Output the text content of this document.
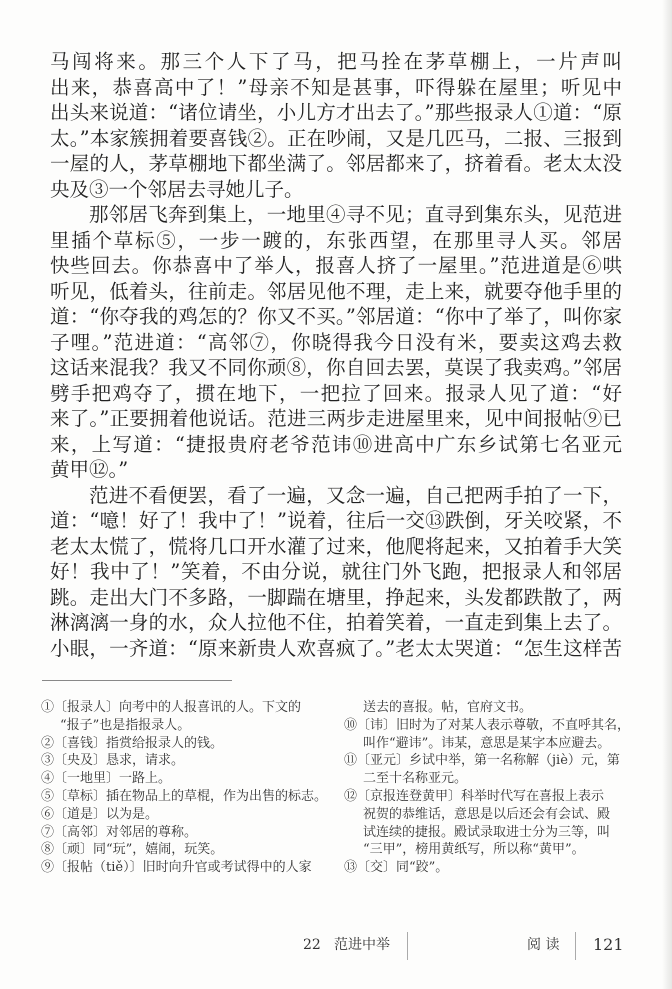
马闯将来。那三个人下了马，把马拴在茅草棚上，一片声叫
出来，恭喜高中了！”母亲不知是甚事，吓得躲在屋里；听见中
出头来说道：“诸位请坐，小儿方才出去了。”那些报录人①道：“原
太。”本家簇拥着要喜钱②。正在吵闹，又是几匹马，二报、三报到
一屋的人，茅草棚地下都坐满了。邻居都来了，挤着看。老太太没
央及③一个邻居去寻她儿子。
那邻居飞奔到集上，一地里④寻不见；直寻到集东头，见范进
里插个草标⑤，一步一踱的，东张西望，在那里寻人买。邻居
快些回去。你恭喜中了举人，报喜人挤了一屋里。”范进道是⑥哄
听见，低着头，往前走。邻居见他不理，走上来，就要夺他手里的
道：“你夺我的鸡怎的？你又不买。”邻居道：“你中了举了，叫你家
子哩。”范进道：“高邻⑦，你晓得我今日没有米，要卖这鸡去救
这话来混我？我又不同你顽⑧，你自回去罢，莫误了我卖鸡。”邻居
劈手把鸡夺了，掼在地下，一把拉了回来。报录人见了道：“好
来了。”正要拥着他说话。范进三两步走进屋里来，见中间报帖⑨已
来，上写道：“捷报贵府老爷范讳⑩进高中广东乡试第七名亚元
黄甲⑫。”
范进不看便罢，看了一遍，又念一遍，自己把两手拍了一下，
道：“噫！好了！我中了！”说着，往后一交⑬跌倒，牙关咬紧，不
老太太慌了，慌将几口开水灌了过来，他爬将起来，又拍着手大笑
好！我中了！”笑着，不由分说，就往门外飞跑，把报录人和邻居
跳。走出大门不多路，一脚踹在塘里，挣起来，头发都跌散了，两
淋漓漓一身的水，众人拉他不住，拍着笑着，一直走到集上去了。
小眼，一齐道：“原来新贵人欢喜疯了。”老太太哭道：“怎生这样苦
①〔报录人〕向考中的人报喜讯的人。下文的
“报子”也是指报录人。
②〔喜钱〕指赏给报录人的钱。
③〔央及〕恳求，请求。
④〔一地里〕一路上。
⑤〔草标〕插在物品上的草棍，作为出售的标志。
⑥〔道是〕以为是。
⑦〔高邻〕对邻居的尊称。
⑧〔顽〕同“玩”，嬉闹，玩笑。
⑨〔报帖（tiě）〕旧时向升官或考试得中的人家
送去的喜报。帖，官府文书。
⑩〔讳〕旧时为了对某人表示尊敬，不直呼其名，
叫作“避讳”。讳某，意思是某字本应避去。
⑪〔亚元〕乡试中举，第一名称解（jiè）元，第
二至十名称亚元。
⑫〔京报连登黄甲〕科举时代写在喜报上表示
祝贺的恭维话，意思是以后还会有会试、殿
试连续的捷报。殿试录取进士分为三等，叫
“三甲”，榜用黄纸写，所以称“黄甲”。
⑬〔交〕同“跤”。
22 范进中举	阅 读 121
